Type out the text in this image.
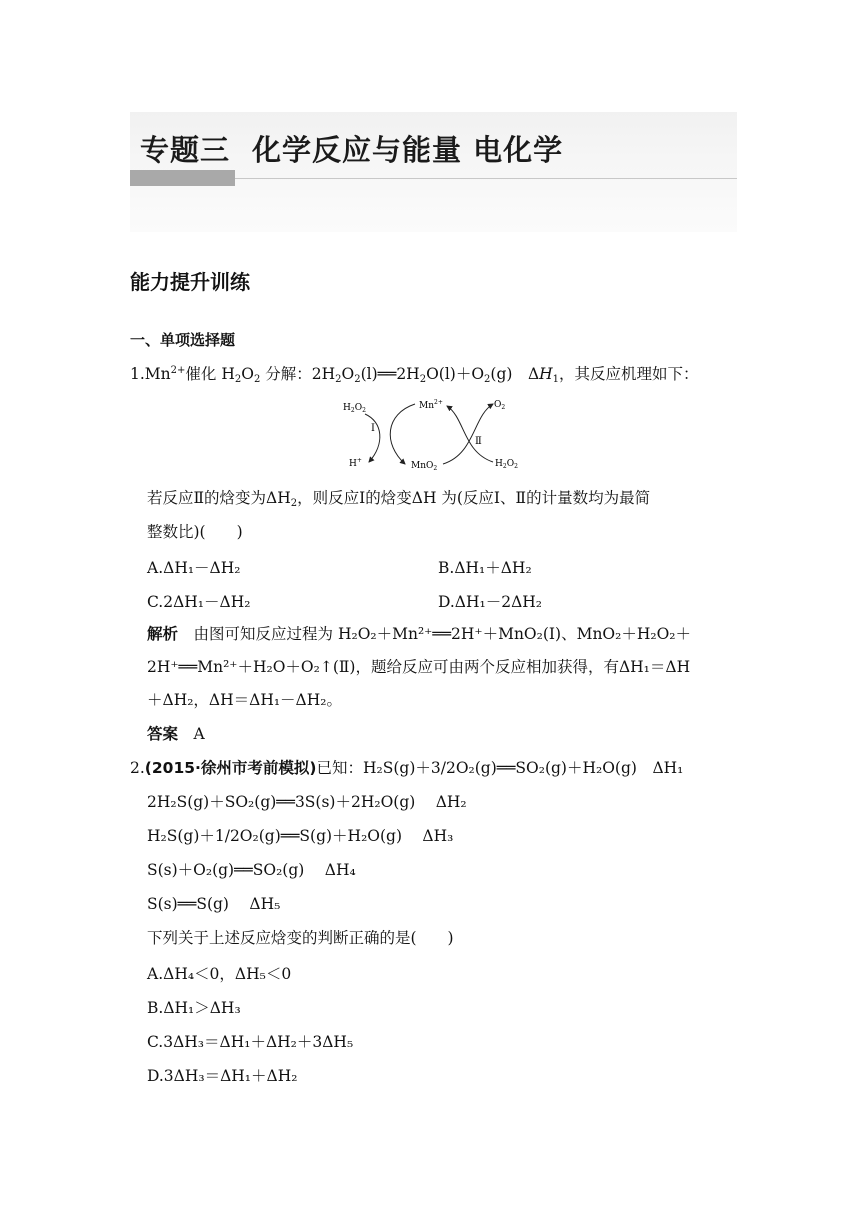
专题三 化学反应与能量 电化学
能力提升训练
一、单项选择题
$1.Mn^{2+}$催化 $H_2O_2$ 分解：$2H_2O_2(l)══2H_2O(l)+O_2(g)$　$\Delta H_1$，其反应机理如下：
$H_2O_2$	$Mn^{2+}$	$O_2$
Ⅰ
Ⅱ
H+
MnO$_2$	$H_2O_2$
若反应Ⅱ的焓变为$\Delta H_2$，则反应Ⅰ的焓变ΔH 为(反应Ⅰ、Ⅱ的计量数均为最简
整数比)(　　)
A.ΔH₁－ΔH₂	B.ΔH₁＋ΔH₂
C.2ΔH₁－ΔH₂	D.ΔH₁－2ΔH₂
解析　 由图可知反应过程为 H₂O₂＋Mn²⁺══2H⁺＋MnO₂(Ⅰ)、MnO₂＋H₂O₂＋
2H⁺══Mn²⁺＋H₂O＋O₂↑(Ⅱ)，题给反应可由两个反应相加获得，有ΔH₁＝ΔH
＋ΔH₂，ΔH＝ΔH₁－ΔH₂。
答案　 A
2.(2015·徐州市考前模拟)已知：H₂S(g)＋3/2O₂(g)══SO₂(g)＋H₂O(g)　ΔH₁
2H₂S(g)＋SO₂(g)══3S(s)＋2H₂O(g)　 ΔH₂
H₂S(g)＋1/2O₂(g)══S(g)＋H₂O(g)　 ΔH₃
S(s)＋O₂(g)══SO₂(g)　 ΔH₄
S(s)══S(g)　 ΔH₅
下列关于上述反应焓变的判断正确的是(　　)
A.ΔH₄＜0，ΔH₅＜0
B.ΔH₁＞ΔH₃
C.3ΔH₃＝ΔH₁＋ΔH₂＋3ΔH₅
D.3ΔH₃＝ΔH₁＋ΔH₂
